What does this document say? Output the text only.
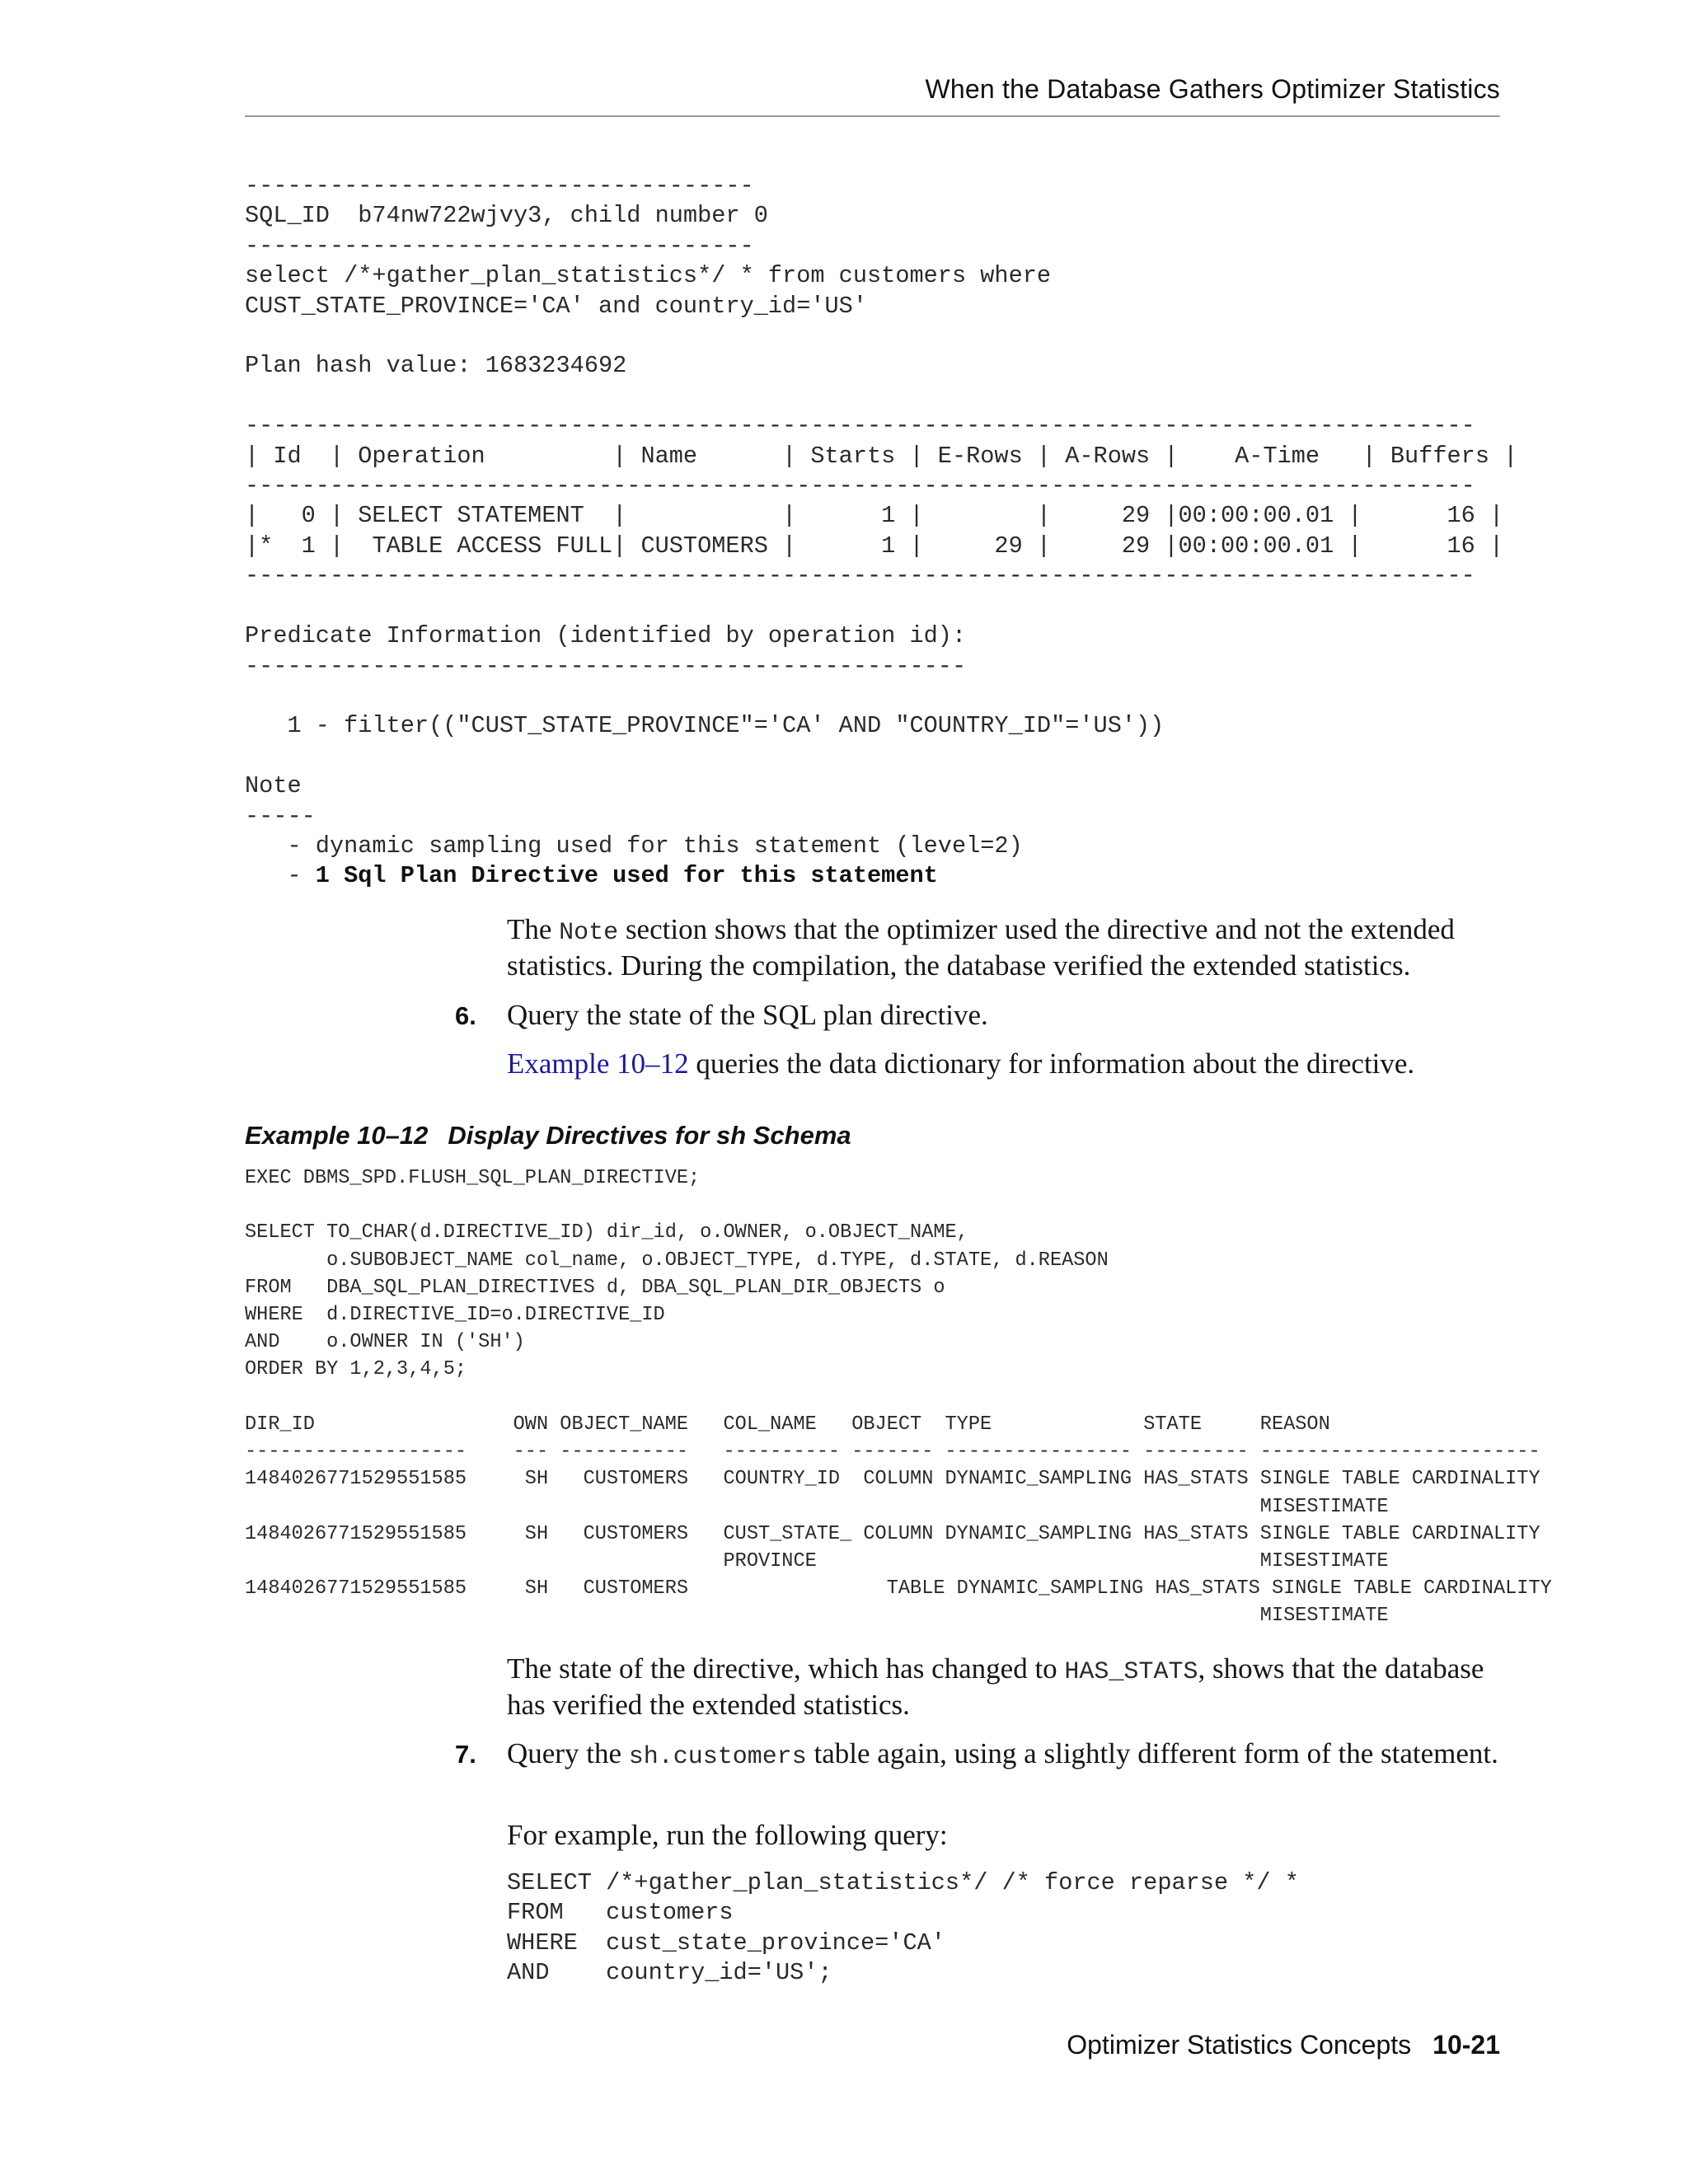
When the Database Gathers Optimizer Statistics
------------------------------------
SQL_ID  b74nw722wjvy3, child number 0
------------------------------------
select /*+gather_plan_statistics*/ * from customers where
CUST_STATE_PROVINCE='CA' and country_id='US'

Plan hash value: 1683234692

---------------------------------------------------------------------------------------
| Id  | Operation         | Name      | Starts | E-Rows | A-Rows |    A-Time   | Buffers |
---------------------------------------------------------------------------------------
|   0 | SELECT STATEMENT  |           |      1 |        |     29 |00:00:00.01 |      16 |
|*  1 |  TABLE ACCESS FULL| CUSTOMERS |      1 |     29 |     29 |00:00:00.01 |      16 |
---------------------------------------------------------------------------------------

Predicate Information (identified by operation id):
---------------------------------------------------

1 - filter(("CUST_STATE_PROVINCE"='CA' AND "COUNTRY_ID"='US'))

Note
-----
- dynamic sampling used for this statement (level=2)
- 1 Sql Plan Directive used for this statement
The Note section shows that the optimizer used the directive and not the extended statistics. During the compilation, the database verified the extended statistics.
6. Query the state of the SQL plan directive.
Example 10–12 queries the data dictionary for information about the directive.
Example 10–12 Display Directives for sh Schema
EXEC DBMS_SPD.FLUSH_SQL_PLAN_DIRECTIVE;

SELECT TO_CHAR(d.DIRECTIVE_ID) dir_id, o.OWNER, o.OBJECT_NAME,
o.SUBOBJECT_NAME col_name, o.OBJECT_TYPE, d.TYPE, d.STATE, d.REASON
FROM   DBA_SQL_PLAN_DIRECTIVES d, DBA_SQL_PLAN_DIR_OBJECTS o
WHERE  d.DIRECTIVE_ID=o.DIRECTIVE_ID
AND    o.OWNER IN ('SH')
ORDER BY 1,2,3,4,5;
DIR_ID                 OWN OBJECT_NAME   COL_NAME   OBJECT  TYPE             STATE     REASON
-------------------    --- -----------   ---------- ------- ---------------- --------- ------------------------
1484026771529551585     SH   CUSTOMERS   COUNTRY_ID  COLUMN DYNAMIC_SAMPLING HAS_STATS SINGLE TABLE CARDINALITY
MISESTIMATE
1484026771529551585     SH   CUSTOMERS   CUST_STATE_ COLUMN DYNAMIC_SAMPLING HAS_STATS SINGLE TABLE CARDINALITY
PROVINCE                                      MISESTIMATE
1484026771529551585     SH   CUSTOMERS                 TABLE DYNAMIC_SAMPLING HAS_STATS SINGLE TABLE CARDINALITY
MISESTIMATE
The state of the directive, which has changed to HAS_STATS, shows that the database has verified the extended statistics.
7. Query the sh.customers table again, using a slightly different form of the statement.
For example, run the following query:
SELECT /*+gather_plan_statistics*/ /* force reparse */ *
FROM   customers
WHERE  cust_state_province='CA'
AND    country_id='US';
Optimizer Statistics Concepts 10-21
